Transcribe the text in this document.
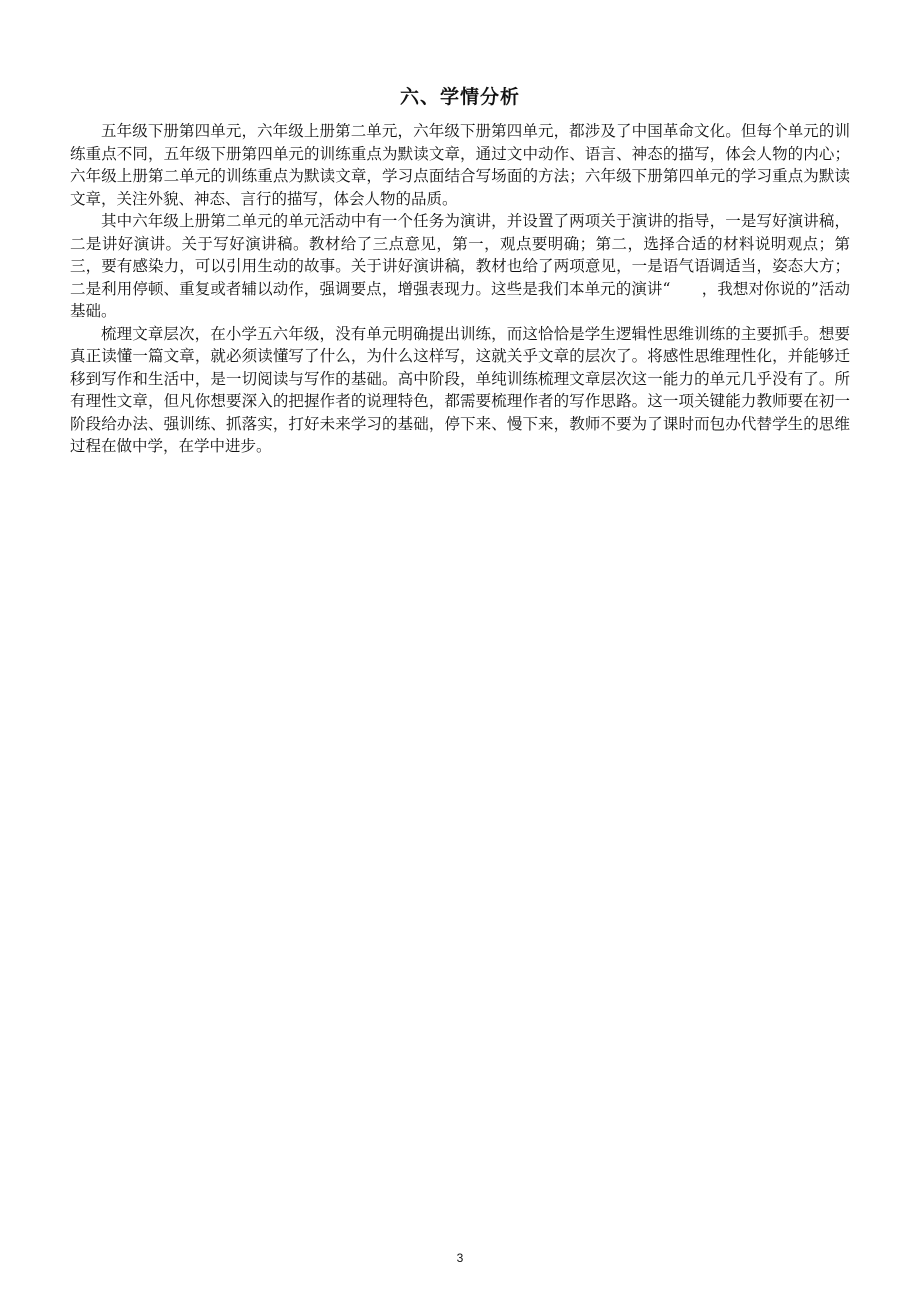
六、学情分析

五年级下册第四单元，六年级上册第二单元，六年级下册第四单元，都涉及了中国革命文化。但每个单元的训练重点不同，五年级下册第四单元的训练重点为默读文章，通过文中动作、语言、神态的描写，体会人物的内心；六年级上册第二单元的训练重点为默读文章，学习点面结合写场面的方法；六年级下册第四单元的学习重点为默读文章，关注外貌、神态、言行的描写，体会人物的品质。

其中六年级上册第二单元的单元活动中有一个任务为演讲，并设置了两项关于演讲的指导，一是写好演讲稿，二是讲好演讲。关于写好演讲稿。教材给了三点意见，第一，观点要明确；第二，选择合适的材料说明观点；第三，要有感染力，可以引用生动的故事。关于讲好演讲稿，教材也给了两项意见，一是语气语调适当，姿态大方；二是利用停顿、重复或者辅以动作，强调要点，增强表现力。这些是我们本单元的演讲“　　，我想对你说的”活动基础。

梳理文章层次，在小学五六年级，没有单元明确提出训练，而这恰恰是学生逻辑性思维训练的主要抓手。想要真正读懂一篇文章，就必须读懂写了什么，为什么这样写，这就关乎文章的层次了。将感性思维理性化，并能够迁移到写作和生活中，是一切阅读与写作的基础。高中阶段，单纯训练梳理文章层次这一能力的单元几乎没有了。所有理性文章，但凡你想要深入的把握作者的说理特色，都需要梳理作者的写作思路。这一项关键能力教师要在初一阶段给办法、强训练、抓落实，打好未来学习的基础，停下来、慢下来，教师不要为了课时而包办代替学生的思维过程在做中学，在学中进步。

3
